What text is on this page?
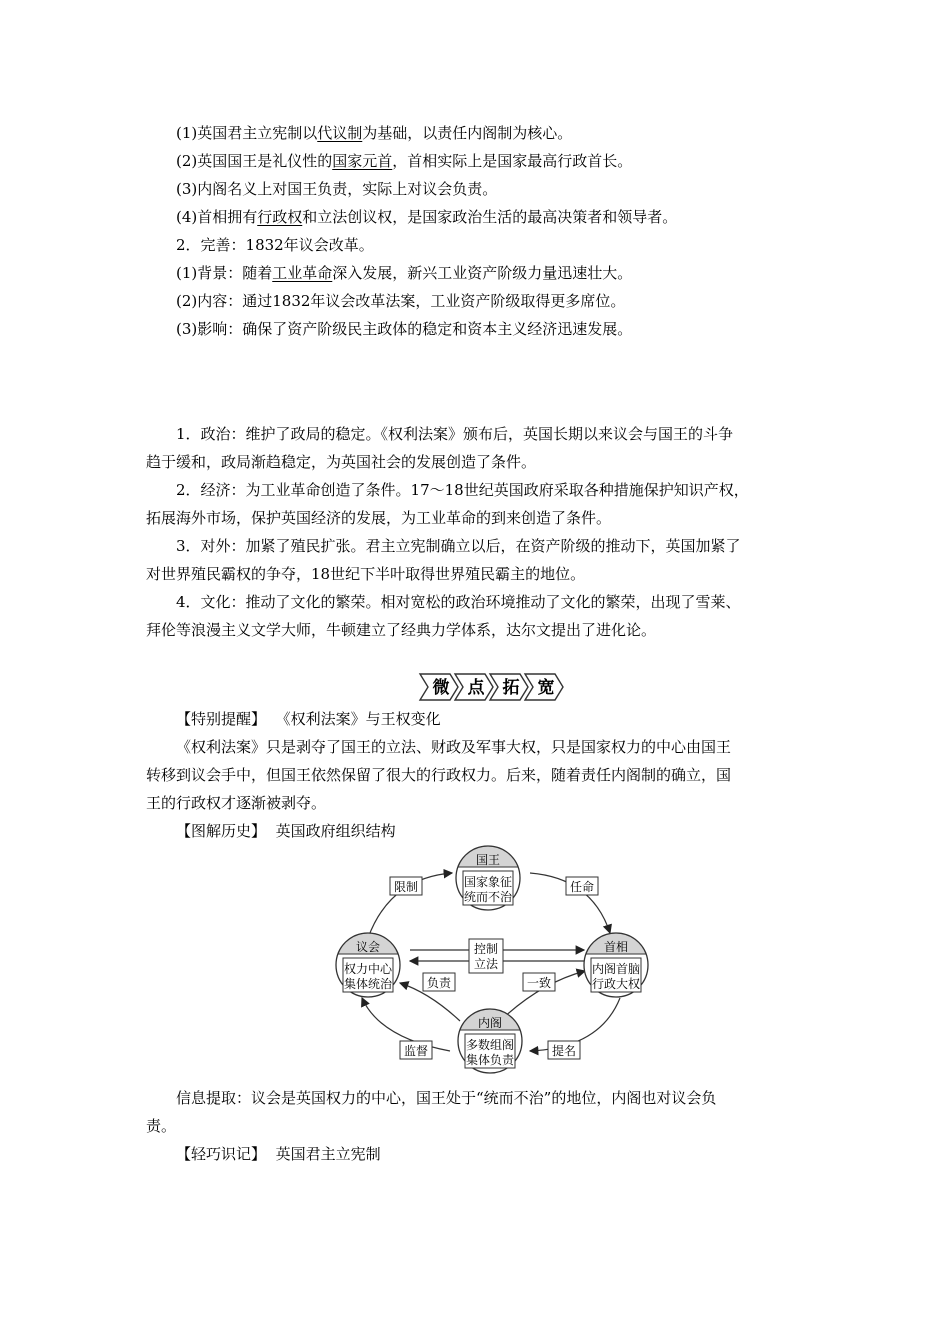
(1)英国君主立宪制以代议制为基础，以责任内阁制为核心。
(2)英国国王是礼仪性的国家元首，首相实际上是国家最高行政首长。
(3)内阁名义上对国王负责，实际上对议会负责。
(4)首相拥有行政权和立法创议权，是国家政治生活的最高决策者和领导者。
2．完善：1832年议会改革。
(1)背景：随着工业革命深入发展，新兴工业资产阶级力量迅速壮大。
(2)内容：通过1832年议会改革法案，工业资产阶级取得更多席位。
(3)影响：确保了资产阶级民主政体的稳定和资本主义经济迅速发展。
1．政治：维护了政局的稳定。《权利法案》颁布后，英国长期以来议会与国王的斗争
趋于缓和，政局渐趋稳定，为英国社会的发展创造了条件。
2．经济：为工业革命创造了条件。17～18世纪英国政府采取各种措施保护知识产权，
拓展海外市场，保护英国经济的发展，为工业革命的到来创造了条件。
3．对外：加紧了殖民扩张。君主立宪制确立以后，在资产阶级的推动下，英国加紧了
对世界殖民霸权的争夺，18世纪下半叶取得世界殖民霸主的地位。
4．文化：推动了文化的繁荣。相对宽松的政治环境推动了文化的繁荣，出现了雪莱、
拜伦等浪漫主义文学大师，牛顿建立了经典力学体系，达尔文提出了进化论。
微 点 拓 宽
【特别提醒】 《权利法案》与王权变化
《权利法案》只是剥夺了国王的立法、财政及军事大权，只是国家权力的中心由国王
转移到议会手中，但国王依然保留了很大的行政权力。后来，随着责任内阁制的确立，国
王的行政权才逐渐被剥夺。
【图解历史】 英国政府组织结构
国王
国家象征
统而不治
议会
权力中心
集体统治
首相
内阁首脑
行政大权
内阁
多数组阁
集体负责
限制	任命
控制
立法
负责	一致
监督	提名
信息提取：议会是英国权力的中心，国王处于“统而不治”的地位，内阁也对议会负
责。
【轻巧识记】 英国君主立宪制
